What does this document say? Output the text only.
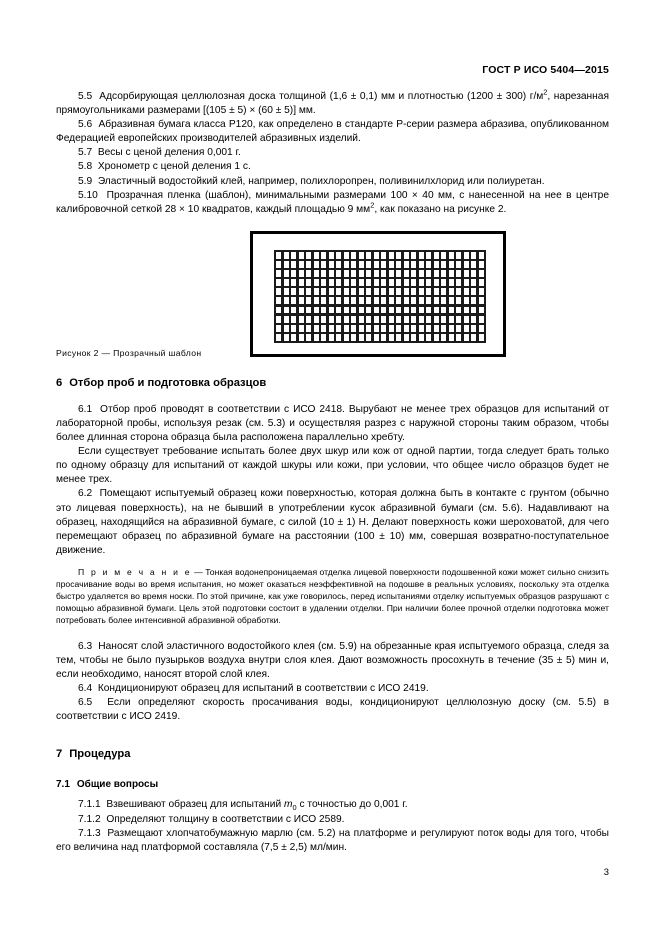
ГОСТ Р ИСО 5404—2015

5.5  Адсорбирующая целлюлозная доска толщиной (1,6 ± 0,1) мм и плотностью (1200 ± 300) $г/м^2$, нарезанная прямоугольниками размерами [(105 ± 5) × (60 ± 5)] мм.

5.6  Абразивная бумага класса Р120, как определено в стандарте Р-серии размера абразива, опубликованном Федерацией европейских производителей абразивных изделий.

5.7  Весы с ценой деления 0,001 г.

5.8  Хронометр с ценой деления 1 с.

5.9  Эластичный водостойкий клей, например, полихлоропрен, поливинилхлорид или полиуретан.

5.10  Прозрачная пленка (шаблон), минимальными размерами 100 × 40 мм, с нанесенной на нее в центре калибровочной сеткой 28 × 10 квадратов, каждый площадью 9 $мм^2$, как показано на рисунке 2.

Рисунок 2 — Прозрачный шаблон
6 Отбор проб и подготовка образцов

6.1  Отбор проб проводят в соответствии с ИСО 2418. Вырубают не менее трех образцов для испытаний от лабораторной пробы, используя резак (см. 5.3) и осуществляя разрез с наружной стороны таким образом, чтобы более длинная сторона образца была расположена параллельно хребту.

Если существует требование испытать более двух шкур или кож от одной партии, тогда следует брать только по одному образцу для испытаний от каждой шкуры или кожи, при условии, что общее число образцов будет не менее трех.

6.2  Помещают испытуемый образец кожи поверхностью, которая должна быть в контакте с грунтом (обычно это лицевая поверхность), на не бывший в употреблении кусок абразивной бумаги (см. 5.6). Надавливают на образец, находящийся на абразивной бумаге, с силой (10 ± 1) Н. Делают поверхность кожи шероховатой, для чего перемещают образец по абразивной бумаге на расстоянии (100 ± 10) мм, совершая возвратно-поступательное движение.

П р и м е ч а н и е — Тонкая водонепроницаемая отделка лицевой поверхности подошвенной кожи может сильно снизить просачивание воды во время испытания, но может оказаться неэффективной на подошве в реальных условиях, поскольку эта отделка быстро удаляется во время носки. По этой причине, как уже говорилось, перед испытаниями отделку испытуемых образцов разрушают с помощью абразивной бумаги. Цель этой подготовки состоит в удалении отделки. При наличии более прочной отделки подготовка может потребовать более интенсивной абразивной обработки.

6.3  Наносят слой эластичного водостойкого клея (см. 5.9) на обрезанные края испытуемого образца, следя за тем, чтобы не было пузырьков воздуха внутри слоя клея. Дают возможность просохнуть в течение (35 ± 5) мин и, если необходимо, наносят второй слой клея.

6.4  Кондиционируют образец для испытаний в соответствии с ИСО 2419.

6.5  Если определяют скорость просачивания воды, кондиционируют целлюлозную доску (см. 5.5) в соответствии с ИСО 2419.

7 Процедура
7.1 Общие вопросы

7.1.1  Взвешивают образец для испытаний $m_0$ с точностью до 0,001 г.

7.1.2  Определяют толщину в соответствии с ИСО 2589.

7.1.3  Размещают хлопчатобумажную марлю (см. 5.2) на платформе и регулируют поток воды для того, чтобы его величина над платформой составляла (7,5 ± 2,5) мл/мин.

3
